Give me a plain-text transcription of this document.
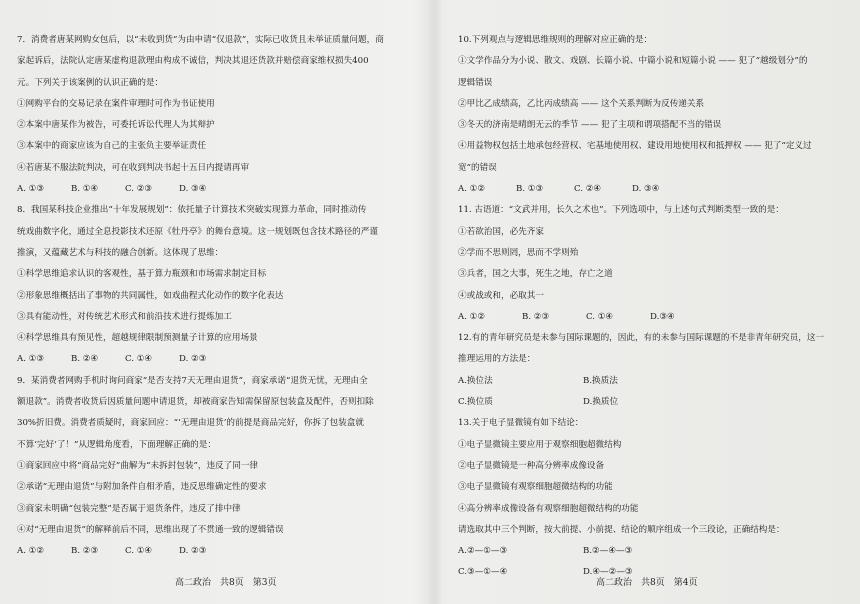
7．消费者唐某网购女包后，以“未收到货”为由申请“仅退款”，实际已收货且未举证质量问题，商

家起诉后，法院认定唐某虚构退款理由构成不诚信，判决其退还货款并赔偿商家维权损失400

元。下列关于该案例的认识正确的是：

①网购平台的交易记录在案件审理时可作为书证使用

②本案中唐某作为被告，可委托诉讼代理人为其辩护

③本案中的商家应该为自己的主张负主要举证责任

④若唐某不服法院判决，可在收到判决书起十五日内提请再审

A. ①③	B. ①④	C. ②③	D. ③④

8．我国某科技企业推出“十年发展规划”：依托量子计算技术突破实现算力革命，同时推动传

统戏曲数字化，通过全息投影技术还原《牡丹亭》的舞台意境。这一规划既包含技术路径的严谨

推演，又蕴藏艺术与科技的融合创新。这体现了思维：

①科学思维追求认识的客观性，基于算力瓶颈和市场需求制定目标

②形象思维概括出了事物的共同属性，如戏曲程式化动作的数字化表达

③具有能动性，对传统艺术形式和前沿技术进行提炼加工

④科学思维具有预见性，超越规律限制预测量子计算的应用场景

A. ①③	B. ②④	C. ①④	D. ②③

9．某消费者网购手机时询问商家“是否支持7天无理由退货”，商家承诺“退货无忧，无理由全

额退款”。消费者收货后因质量问题申请退货，却被商家告知需保留原包装盒及配件，否则扣除

30%折旧费。消费者质疑时，商家回应：“‘无理由退货’的前提是商品完好，你拆了包装盒就

不算‘完好’了！”从逻辑角度看，下面理解正确的是：

①商家回应中将“商品完好”曲解为“未拆封包装”，违反了同一律

②承诺“无理由退货”与附加条件自相矛盾，违反思维确定性的要求

③商家未明确“包装完整”是否属于退货条件，违反了排中律

④对“无理由退货”的解释前后不同，思维出现了不贯通一致的逻辑错误

A. ①②	B. ②③	C. ①④	D. ②③
高二政治　共8页　第3页

10.下列观点与逻辑思维规则的理解对应正确的是：

①文学作品分为小说、散文、戏剧、长篇小说、中篇小说和短篇小说 —— 犯了“越级划分”的

逻辑错误

②甲比乙成绩高，乙比丙成绩高 —— 这个关系判断为反传递关系

③冬天的济南是晴朗无云的季节 —— 犯了主项和谓项搭配不当的错误

④用益物权包括土地承包经营权、宅基地使用权、建设用地使用权和抵押权 —— 犯了“定义过

宽”的错误

A. ①②	B. ①③	C. ②④	D. ③④

11. 古语道：“文武并用，长久之术也”。下列选项中，与上述句式判断类型一致的是：

①若欲治国，必先齐家

②学而不思则罔，思而不学则殆

③兵者，国之大事，死生之地，存亡之道

④或战或和，必取其一

A. ①②	B. ②③	C. ①④	D.③④

12.有的青年研究员是未参与国际课题的，因此，有的未参与国际课题的不是非青年研究员，这一

推理运用的方法是：

A.换位法	B.换质法
C.换位质	D.换质位

13.关于电子显微镜有如下结论：

①电子显微镜主要应用于观察细胞超微结构

②电子显微镜是一种高分辨率成像设备

③电子显微镜有观察细胞超微结构的功能

④高分辨率成像设备有观察细胞超微结构的功能

请选取其中三个判断，按大前提、小前提、结论的顺序组成一个三段论，正确结构是：

A.②—①—③	B.②—④—③
C.③—①—④	D.④—②—③
高二政治　共8页　第4页
